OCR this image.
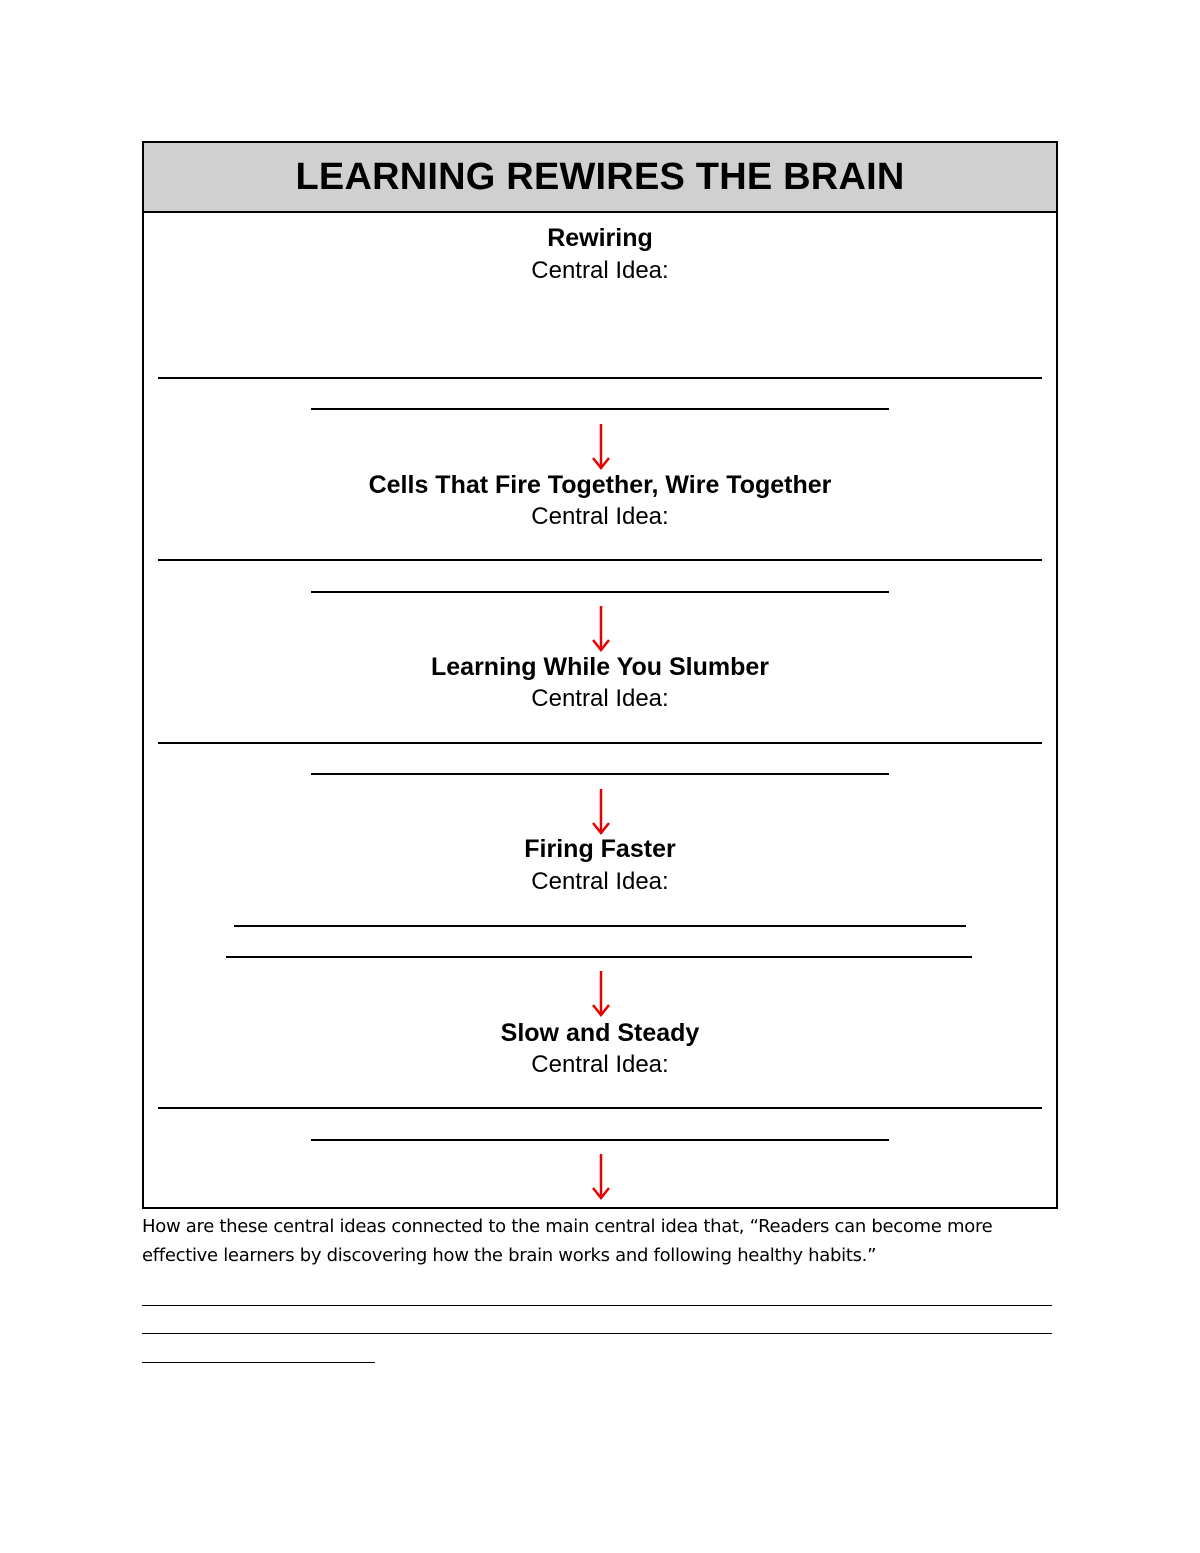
LEARNING REWIRES THE BRAIN
Rewiring
Central Idea:
Cells That Fire Together, Wire Together
Central Idea:
Learning While You Slumber
Central Idea:
Firing Faster
Central Idea:
Slow and Steady
Central Idea:
How are these central ideas connected to the main central idea that, “Readers can become more effective learners by discovering how the brain works and following healthy habits.”
